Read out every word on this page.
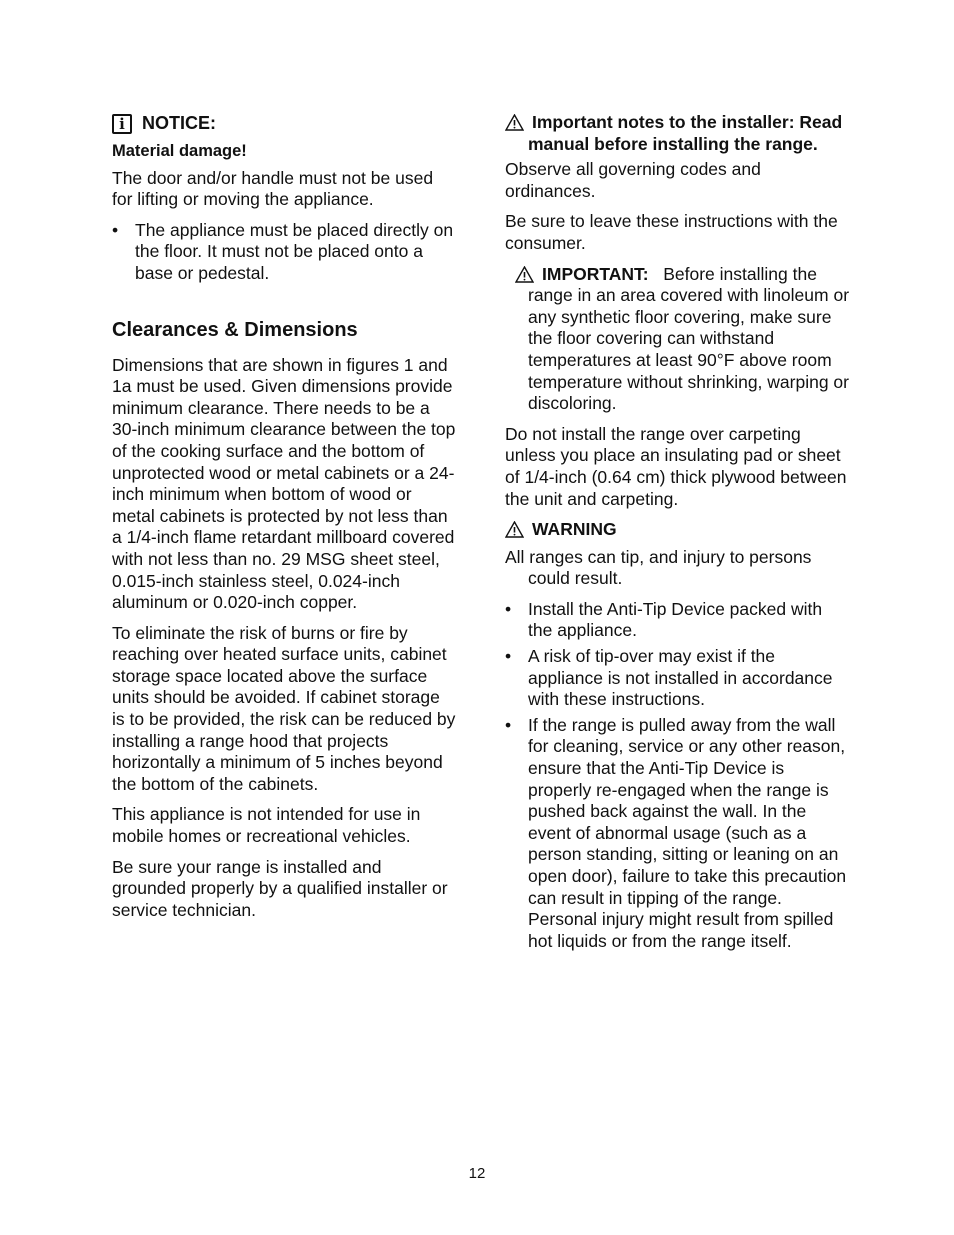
i NOTICE:
Material damage!

The door and/or handle must not be used for lifting or moving the appliance.

• The appliance must be placed directly on the floor. It must not be placed onto a base or pedestal.
Clearances & Dimensions

Dimensions that are shown in figures 1 and 1a must be used. Given dimensions provide minimum clearance. There needs to be a 30-inch minimum clearance between the top of the cooking surface and the bottom of unprotected wood or metal cabinets or a 24-inch minimum when bottom of wood or metal cabinets is protected by not less than a 1/4-inch flame retardant millboard covered with not less than no. 29 MSG sheet steel, 0.015-inch stainless steel, 0.024-inch aluminum or 0.020-inch copper.

To eliminate the risk of burns or fire by reaching over heated surface units, cabinet storage space located above the surface units should be avoided. If cabinet storage is to be provided, the risk can be reduced by installing a range hood that projects horizontally a minimum of 5 inches beyond the bottom of the cabinets.

This appliance is not intended for use in mobile homes or recreational vehicles.

Be sure your range is installed and grounded properly by a qualified installer or service technician.

Important notes to the installer: Read manual before installing the range.

Observe all governing codes and ordinances.

Be sure to leave these instructions with the consumer.

IMPORTANT: Before installing the range in an area covered with linoleum or any synthetic floor covering, make sure the floor covering can withstand temperatures at least 90°F above room temperature without shrinking, warping or discoloring.

Do not install the range over carpeting unless you place an insulating pad or sheet of 1/4-inch (0.64 cm) thick plywood between the unit and carpeting.

WARNING

All ranges can tip, and injury to persons could result.

• Install the Anti-Tip Device packed with the appliance.
• A risk of tip-over may exist if the appliance is not installed in accordance with these instructions.
• If the range is pulled away from the wall for cleaning, service or any other reason, ensure that the Anti-Tip Device is properly re-engaged when the range is pushed back against the wall. In the event of abnormal usage (such as a person standing, sitting or leaning on an open door), failure to take this precaution can result in tipping of the range. Personal injury might result from spilled hot liquids or from the range itself.
12
